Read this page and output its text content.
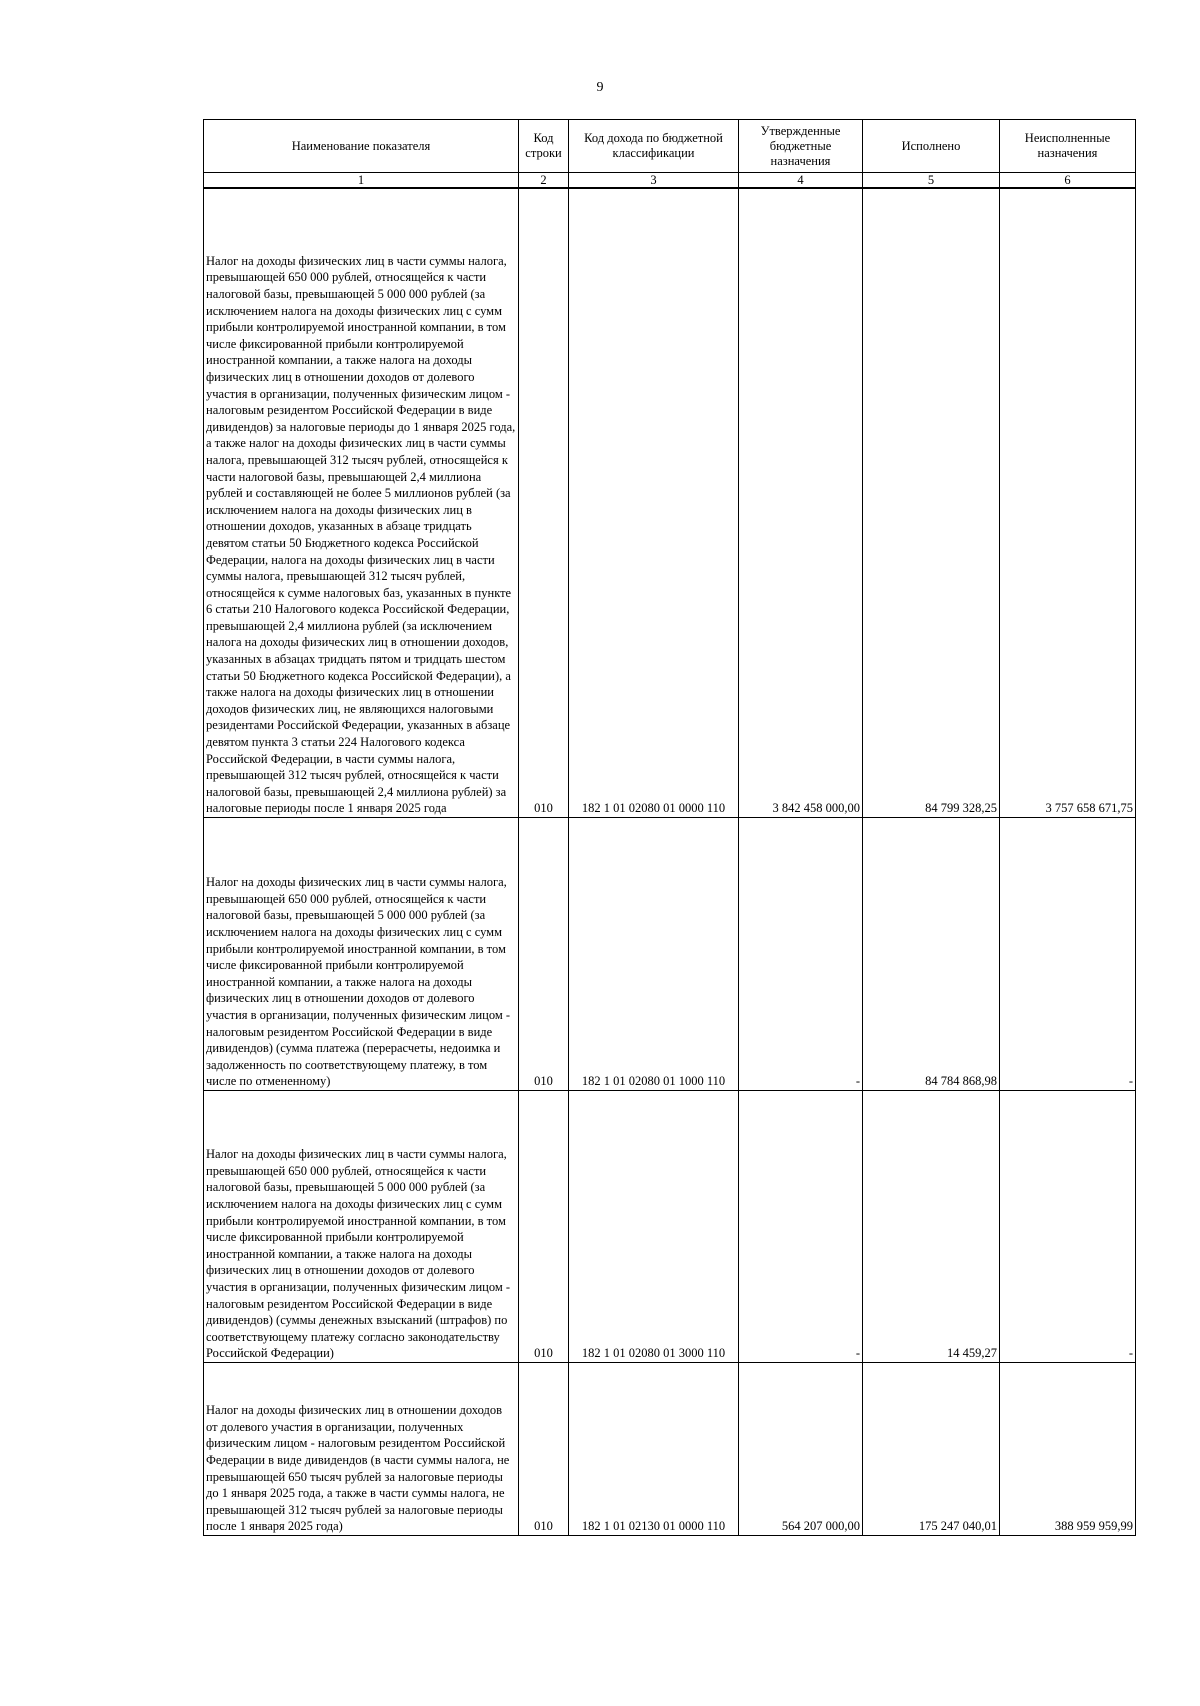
9
Наименование показателя	Код строки	Код дохода по бюджетной классификации	Утвержденные бюджетные назначения	Исполнено	Неисполненные назначения
1	2	3	4	5	6
Налог на доходы физических лиц в части суммы налога, превышающей 650 000 рублей, относящейся к части налоговой базы, превышающей 5 000 000 рублей (за исключением налога на доходы физических лиц с сумм прибыли контролируемой иностранной компании, в том числе фиксированной прибыли контролируемой иностранной компании, а также налога на доходы физических лиц в отношении доходов от долевого участия в организации, полученных физическим лицом - налоговым резидентом Российской Федерации в виде дивидендов) за налоговые периоды до 1 января 2025 года, а также налог на доходы физических лиц в части суммы налога, превышающей 312 тысяч рублей, относящейся к части налоговой базы, превышающей 2,4 миллиона рублей и составляющей не более 5 миллионов рублей (за исключением налога на доходы физических лиц в отношении доходов, указанных в абзаце тридцать девятом статьи 50 Бюджетного кодекса Российской Федерации, налога на доходы физических лиц в части суммы налога, превышающей 312 тысяч рублей, относящейся к сумме налоговых баз, указанных в пункте 6 статьи 210 Налогового кодекса Российской Федерации, превышающей 2,4 миллиона рублей (за исключением налога на доходы физических лиц в отношении доходов, указанных в абзацах тридцать пятом и тридцать шестом статьи 50 Бюджетного кодекса Российской Федерации), а также налога на доходы физических лиц в отношении доходов физических лиц, не являющихся налоговыми резидентами Российской Федерации, указанных в абзаце девятом пункта 3 статьи 224 Налогового кодекса Российской Федерации, в части суммы налога, превышающей 312 тысяч рублей, относящейся к части налоговой базы, превышающей 2,4 миллиона рублей) за налоговые периоды после 1 января 2025 года	010	182 1 01 02080 01 0000 110	3 842 458 000,00	84 799 328,25	3 757 658 671,75

Налог на доходы физических лиц в части суммы налога, превышающей 650 000 рублей, относящейся к части налоговой базы, превышающей 5 000 000 рублей (за исключением налога на доходы физических лиц с сумм прибыли контролируемой иностранной компании, в том числе фиксированной прибыли контролируемой иностранной компании, а также налога на доходы физических лиц в отношении доходов от долевого участия в организации, полученных физическим лицом - налоговым резидентом Российской Федерации в виде дивидендов) (сумма платежа (перерасчеты, недоимка и задолженность по соответствующему платежу, в том числе по отмененному)	010	182 1 01 02080 01 1000 110	-	84 784 868,98	-

Налог на доходы физических лиц в части суммы налога, превышающей 650 000 рублей, относящейся к части налоговой базы, превышающей 5 000 000 рублей (за исключением налога на доходы физических лиц с сумм прибыли контролируемой иностранной компании, в том числе фиксированной прибыли контролируемой иностранной компании, а также налога на доходы физических лиц в отношении доходов от долевого участия в организации, полученных физическим лицом - налоговым резидентом Российской Федерации в виде дивидендов) (суммы денежных взысканий (штрафов) по соответствующему платежу согласно законодательству Российской Федерации)	010	182 1 01 02080 01 3000 110	-	14 459,27	-
Налог на доходы физических лиц в отношении доходов от долевого участия в организации, полученных физическим лицом - налоговым резидентом Российской Федерации в виде дивидендов (в части суммы налога, не превышающей 650 тысяч рублей за налоговые периоды до 1 января 2025 года, а также в части суммы налога, не превышающей 312 тысяч рублей за налоговые периоды после 1 января 2025 года)	010	182 1 01 02130 01 0000 110	564 207 000,00	175 247 040,01	388 959 959,99
